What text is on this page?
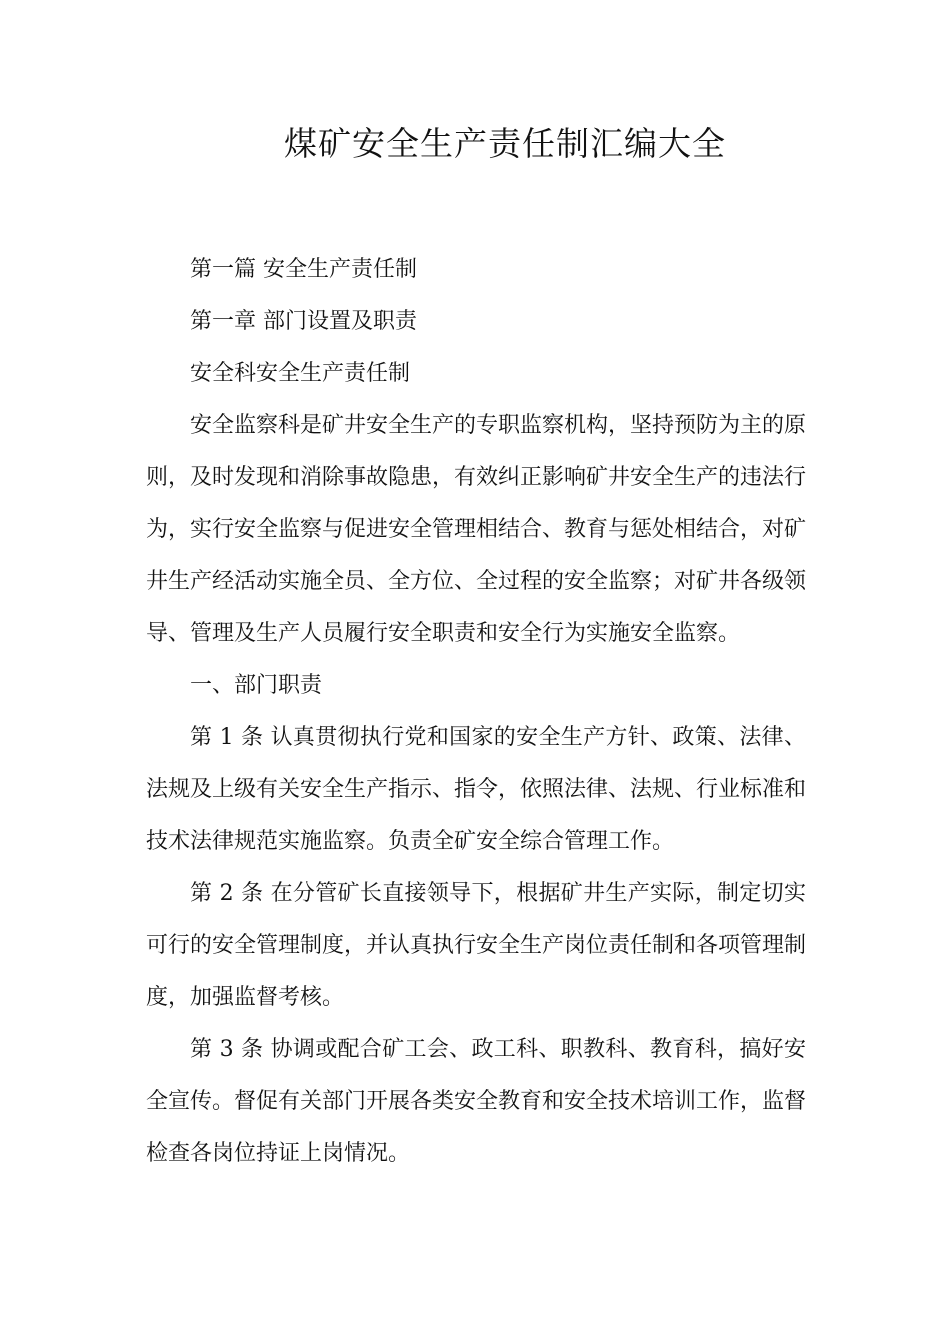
煤矿安全生产责任制汇编大全

第一篇 安全生产责任制

第一章 部门设置及职责

安全科安全生产责任制

安全监察科是矿井安全生产的专职监察机构，坚持预防为主的原则，及时发现和消除事故隐患，有效纠正影响矿井安全生产的违法行为，实行安全监察与促进安全管理相结合、教育与惩处相结合，对矿井生产经活动实施全员、全方位、全过程的安全监察；对矿井各级领导、管理及生产人员履行安全职责和安全行为实施安全监察。

一、部门职责

第 1 条 认真贯彻执行党和国家的安全生产方针、政策、法律、法规及上级有关安全生产指示、指令，依照法律、法规、行业标准和技术法律规范实施监察。负责全矿安全综合管理工作。

第 2 条 在分管矿长直接领导下，根据矿井生产实际，制定切实可行的安全管理制度，并认真执行安全生产岗位责任制和各项管理制度，加强监督考核。

第 3 条 协调或配合矿工会、政工科、职教科、教育科，搞好安全宣传。督促有关部门开展各类安全教育和安全技术培训工作，监督检查各岗位持证上岗情况。
